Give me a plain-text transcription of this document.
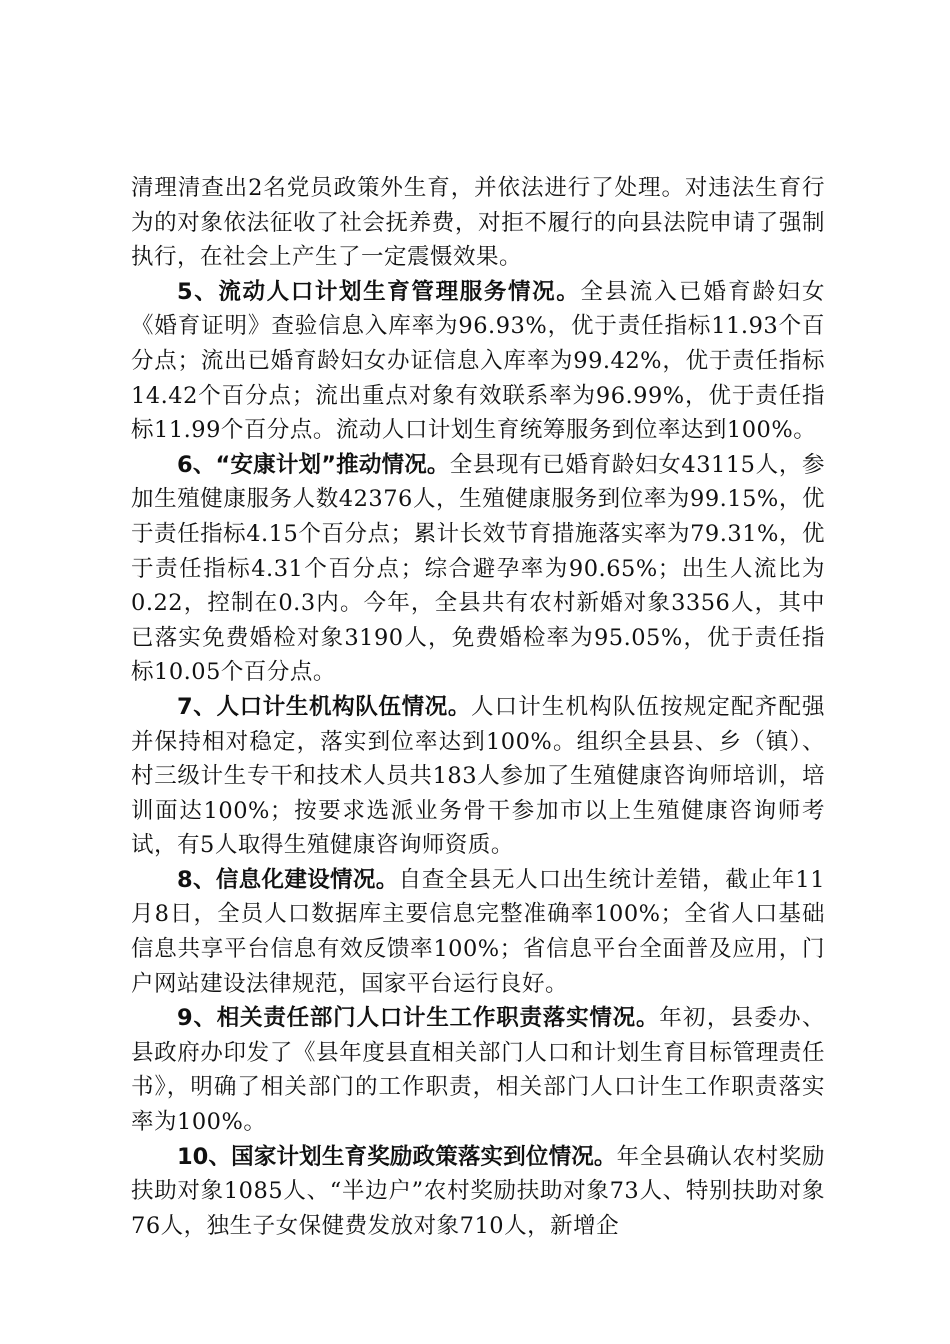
清理清查出2名党员政策外生育，并依法进行了处理。对违法生育行为的对象依法征收了社会抚养费，对拒不履行的向县法院申请了强制执行，在社会上产生了一定震慑效果。

5、流动人口计划生育管理服务情况。全县流入已婚育龄妇女《婚育证明》查验信息入库率为96.93%，优于责任指标11.93个百分点；流出已婚育龄妇女办证信息入库率为99.42%，优于责任指标14.42个百分点；流出重点对象有效联系率为96.99%，优于责任指标11.99个百分点。流动人口计划生育统筹服务到位率达到100%。

6、“安康计划”推动情况。全县现有已婚育龄妇女43115人，参加生殖健康服务人数42376人，生殖健康服务到位率为99.15%，优于责任指标4.15个百分点；累计长效节育措施落实率为79.31%，优于责任指标4.31个百分点；综合避孕率为90.65%；出生人流比为0.22，控制在0.3内。今年，全县共有农村新婚对象3356人，其中已落实免费婚检对象3190人，免费婚检率为95.05%，优于责任指标10.05个百分点。

7、人口计生机构队伍情况。人口计生机构队伍按规定配齐配强并保持相对稳定，落实到位率达到100%。组织全县县、乡（镇）、村三级计生专干和技术人员共183人参加了生殖健康咨询师培训，培训面达100%；按要求选派业务骨干参加市以上生殖健康咨询师考试，有5人取得生殖健康咨询师资质。

8、信息化建设情况。自查全县无人口出生统计差错，截止年11月8日，全员人口数据库主要信息完整准确率100%；全省人口基础信息共享平台信息有效反馈率100%；省信息平台全面普及应用，门户网站建设法律规范，国家平台运行良好。

9、相关责任部门人口计生工作职责落实情况。年初，县委办、县政府办印发了《县年度县直相关部门人口和计划生育目标管理责任书》，明确了相关部门的工作职责，相关部门人口计生工作职责落实率为100%。

10、国家计划生育奖励政策落实到位情况。年全县确认农村奖励扶助对象1085人、“半边户”农村奖励扶助对象73人、特别扶助对象76人，独生子女保健费发放对象710人，新增企
